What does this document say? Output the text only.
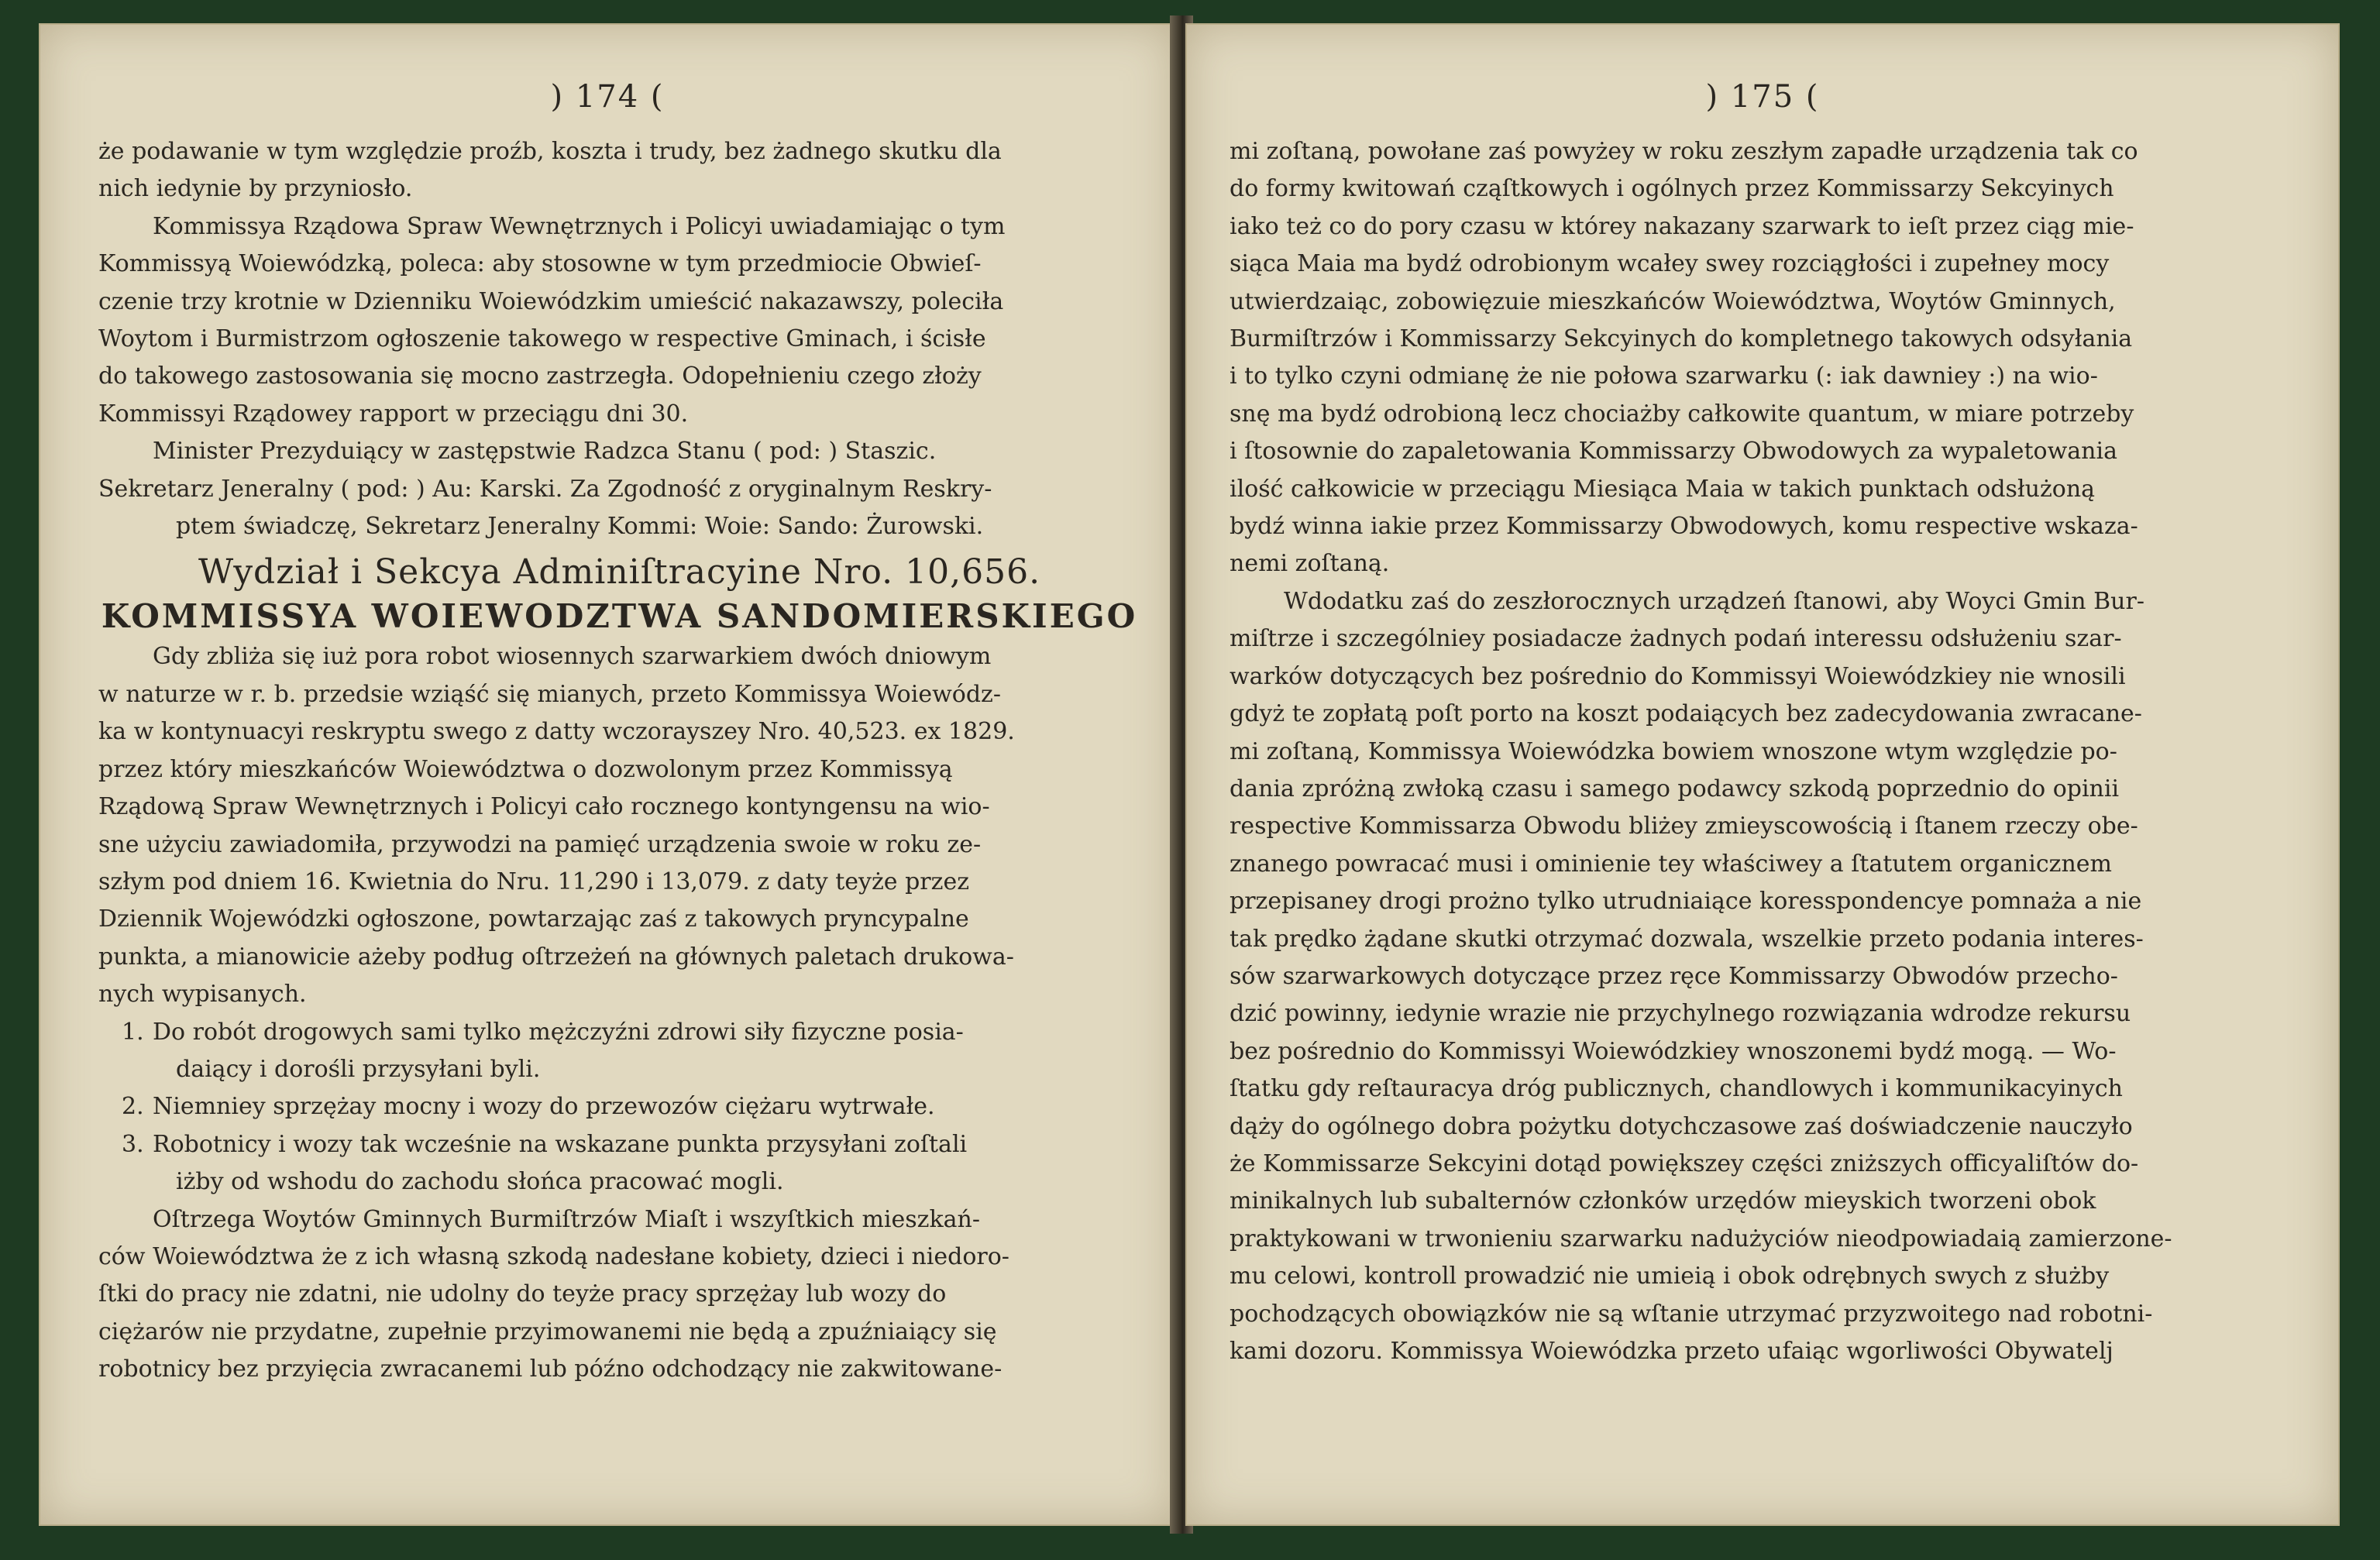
) 174 (
że podawanie w tym względzie proźb, koszta i trudy, bez żadnego skutku dla
nich iedynie by przyniosło.
Kommissya Rządowa Spraw Wewnętrznych i Policyi uwiadamiając o tym
Kommissyą Woiewódzką, poleca: aby stosowne w tym przedmiocie Obwieſ-
czenie trzy krotnie w Dzienniku Woiewódzkim umieścić nakazawszy, poleciła
Woytom i Burmistrzom ogłoszenie takowego w respective Gminach, i ścisłe
do takowego zastosowania się mocno zastrzegła. Odopełnieniu czego złoży
Kommissyi Rządowey rapport w przeciągu dni 30.
Minister Prezyduiący w zastępstwie Radzca Stanu ( pod: ) Staszic.
Sekretarz Jeneralny ( pod: ) Au: Karski. Za Zgodność z oryginalnym Reskry-
ptem świadczę, Sekretarz Jeneralny Kommi: Woie: Sando: Żurowski.
Wydział i Sekcya Adminiſtracyine Nro. 10,656.
KOMMISSYA WOIEWODZTWA SANDOMIERSKIEGO
Gdy zbliża się iuż pora robot wiosennych szarwarkiem dwóch dniowym
w naturze w r. b. przedsie wziąść się mianych, przeto Kommissya Woiewódz-
ka w kontynuacyi reskryptu swego z datty wczorayszey Nro. 40,523. ex 1829.
przez który mieszkańców Woiewództwa o dozwolonym przez Kommissyą
Rządową Spraw Wewnętrznych i Policyi cało rocznego kontyngensu na wio-
sne użyciu zawiadomiła, przywodzi na pamięć urządzenia swoie w roku ze-
szłym pod dniem 16. Kwietnia do Nru. 11,290 i 13,079. z daty teyże przez
Dziennik Wojewódzki ogłoszone, powtarzając zaś z takowych pryncypalne
punkta, a mianowicie ażeby podług oſtrzeżeń na głównych paletach drukowa-
nych wypisanych.
1. Do robót drogowych sami tylko mężczyźni zdrowi siły fizyczne posia-
daiący i dorośli przysyłani byli.
2. Niemniey sprzężay mocny i wozy do przewozów ciężaru wytrwałe.
3. Robotnicy i wozy tak wcześnie na wskazane punkta przysyłani zoſtali
iżby od wshodu do zachodu słońca pracować mogli.
Oſtrzega Woytów Gminnych Burmiſtrzów Miaſt i wszyſtkich mieszkań-
ców Woiewództwa że z ich własną szkodą nadesłane kobiety, dzieci i niedoro-
ſtki do pracy nie zdatni, nie udolny do teyże pracy sprzężay lub wozy do
ciężarów nie przydatne, zupełnie przyimowanemi nie będą a zpuźniaiący się
robotnicy bez przyięcia zwracanemi lub późno odchodzący nie zakwitowane-
) 175 (
mi zoſtaną, powołane zaś powyżey w roku zeszłym zapadłe urządzenia tak co
do formy kwitowań cząſtkowych i ogólnych przez Kommissarzy Sekcyinych
iako też co do pory czasu w którey nakazany szarwark to ieſt przez ciąg mie-
siąca Maia ma bydź odrobionym wcałey swey rozciągłości i zupełney mocy
utwierdzaiąc, zobowięzuie mieszkańców Woiewództwa, Woytów Gminnych,
Burmiſtrzów i Kommissarzy Sekcyinych do kompletnego takowych odsyłania
i to tylko czyni odmianę że nie połowa szarwarku (: iak dawniey :) na wio-
snę ma bydź odrobioną lecz chociażby całkowite quantum, w miare potrzeby
i ſtosownie do zapaletowania Kommissarzy Obwodowych za wypaletowania
ilość całkowicie w przeciągu Miesiąca Maia w takich punktach odsłużoną
bydź winna iakie przez Kommissarzy Obwodowych, komu respective wskaza-
nemi zoſtaną.
Wdodatku zaś do zeszłorocznych urządzeń ſtanowi, aby Woyci Gmin Bur-
miſtrze i szczególniey posiadacze żadnych podań interessu odsłużeniu szar-
warków dotyczących bez pośrednio do Kommissyi Woiewódzkiey nie wnosili
gdyż te zopłatą poſt porto na koszt podaiących bez zadecydowania zwracane-
mi zoſtaną, Kommissya Woiewódzka bowiem wnoszone wtym względzie po-
dania zpróżną zwłoką czasu i samego podawcy szkodą poprzednio do opinii
respective Kommissarza Obwodu bliżey zmieyscowością i ſtanem rzeczy obe-
znanego powracać musi i ominienie tey właściwey a ſtatutem organicznem
przepisaney drogi prożno tylko utrudniaiące koresspondencye pomnaża a nie
tak prędko żądane skutki otrzymać dozwala, wszelkie przeto podania interes-
sów szarwarkowych dotyczące przez ręce Kommissarzy Obwodów przecho-
dzić powinny, iedynie wrazie nie przychylnego rozwiązania wdrodze rekursu
bez pośrednio do Kommissyi Woiewódzkiey wnoszonemi bydź mogą. — Wo-
ſtatku gdy reſtauracya dróg publicznych, chandlowych i kommunikacyinych
dąży do ogólnego dobra pożytku dotychczasowe zaś doświadczenie nauczyło
że Kommissarze Sekcyini dotąd powiększey części zniższych officyaliſtów do-
minikalnych lub subalternów członków urzędów mieyskich tworzeni obok
praktykowani w trwonieniu szarwarku nadużyciów nieodpowiadaią zamierzone-
mu celowi, kontroll prowadzić nie umieią i obok odrębnych swych z służby
pochodzących obowiązków nie są wſtanie utrzymać przyzwoitego nad robotni-
kami dozoru. Kommissya Woiewódzka przeto ufaiąc wgorliwości Obywatelj
